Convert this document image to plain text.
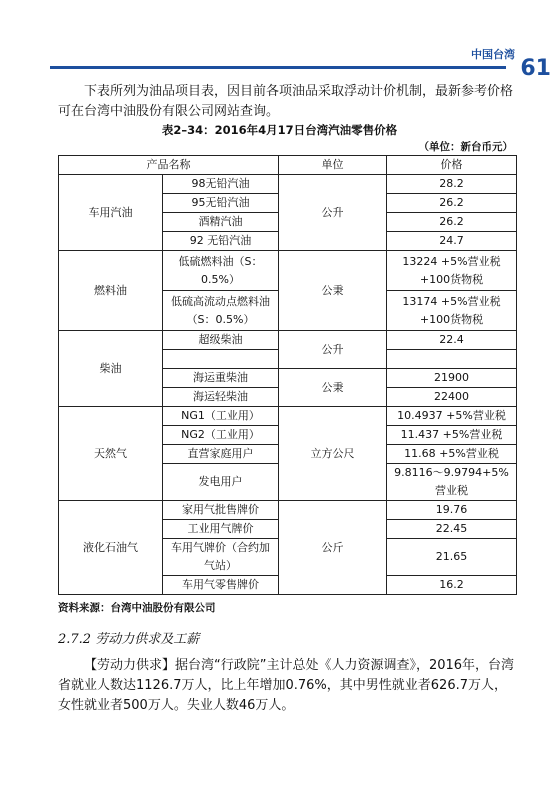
中国台湾
61
下表所列为油品项目表，因目前各项油品采取浮动计价机制，最新参考价格可在台湾中油股份有限公司网站查询。
表2–34：2016年4月17日台湾汽油零售价格
（单位：新台币元）
产品名称		单位	价格
车用汽油	98无铅汽油	公升	28.2
	95无铅汽油		26.2
	酒精汽油		26.2
	92 无铅汽油		24.7
燃料油	低硫燃料油（S：0.5%）	公秉	13224 +5%营业税+100货物税
	低硫高流动点燃料油（S：0.5%）		13174 +5%营业税+100货物税
柴油	超级柴油	公升	22.4

	海运重柴油	公秉	21900
	海运轻柴油		22400
天然气	NG1（工业用）	立方公尺	10.4937 +5%营业税
	NG2（工业用）		11.437 +5%营业税
	直营家庭用户		11.68 +5%营业税
	发电用户		9.8116～9.9794+5%营业税
液化石油气	家用气批售牌价	公斤	19.76
	工业用气牌价		22.45
	车用气牌价（合约加气站）		21.65
	车用气零售牌价		16.2
资料来源：台湾中油股份有限公司
2.7.2 劳动力供求及工薪
【劳动力供求】据台湾“行政院”主计总处《人力资源调查》，2016年，台湾省就业人数达1126.7万人，比上年增加0.76%，其中男性就业者626.7万人，女性就业者500万人。失业人数46万人。
